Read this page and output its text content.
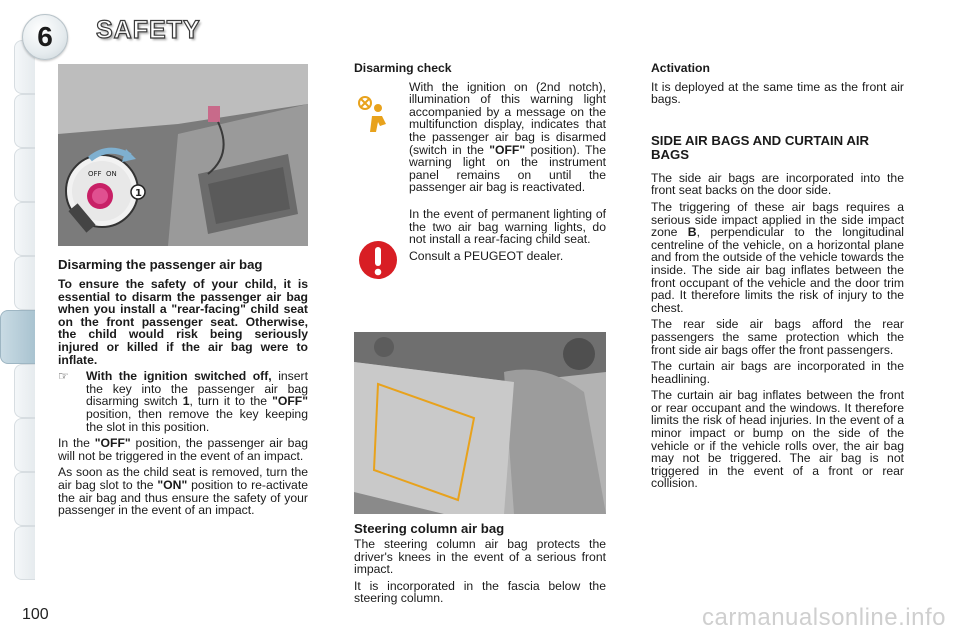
6 SAFETY
OFF ON
1
Disarming the passenger air bag

To ensure the safety of your child, it is essential to disarm the passenger air bag when you install a "rear-facing" child seat on the front passenger seat. Otherwise, the child would risk being seriously injured or killed if the air bag were to inflate.

☞	With the ignition switched off, insert the key into the passenger air bag disarming switch 1, turn it to the "OFF" position, then remove the key keeping the slot in this position.

In the "OFF" position, the passenger air bag will not be triggered in the event of an impact.

As soon as the child seat is removed, turn the air bag slot to the "ON" position to re-activate the air bag and thus ensure the safety of your passenger in the event of an impact.

Disarming check

With the ignition on (2nd notch), illumination of this warning light accompanied by a message on the multifunction display, indicates that the passenger air bag is disarmed (switch in the "OFF" position). The warning light on the instrument panel remains on until the passenger air bag is reactivated.

In the event of permanent lighting of the two air bag warning lights, do not install a rear-facing child seat.

Consult a PEUGEOT dealer.

Steering column air bag

The steering column air bag protects the driver's knees in the event of a serious front impact.

It is incorporated in the fascia below the steering column.

Activation

It is deployed at the same time as the front air bags.

SIDE AIR BAGS AND CURTAIN AIR BAGS

The side air bags are incorporated into the front seat backs on the door side.

The triggering of these air bags requires a serious side impact applied in the side impact zone B, perpendicular to the longitudinal centreline of the vehicle, on a horizontal plane and from the outside of the vehicle towards the inside. The side air bag inflates between the front occupant of the vehicle and the door trim pad. It therefore limits the risk of injury to the chest.

The rear side air bags afford the rear passengers the same protection which the front side air bags offer the front passengers.

The curtain air bags are incorporated in the headlining.

The curtain air bag inflates between the front or rear occupant and the windows. It therefore limits the risk of head injuries. In the event of a minor impact or bump on the side of the vehicle or if the vehicle rolls over, the air bag may not be triggered. The air bag is not triggered in the event of a front or rear collision.

100	carmanualsonline.info
